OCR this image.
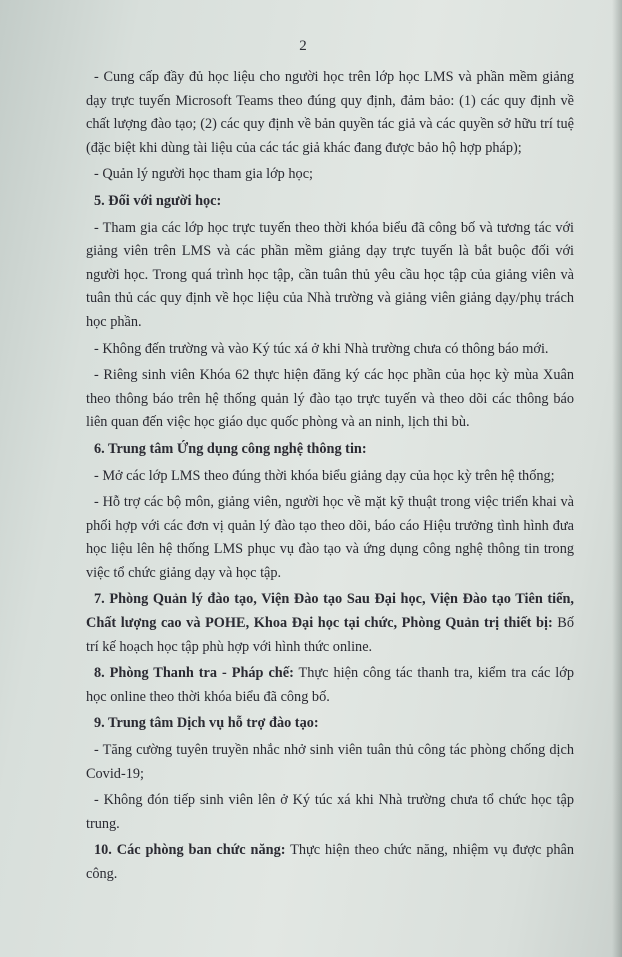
2

- Cung cấp đầy đủ học liệu cho người học trên lớp học LMS và phần mềm giảng dạy trực tuyến Microsoft Teams theo đúng quy định, đảm bảo: (1) các quy định về chất lượng đào tạo; (2) các quy định về bản quyền tác giả và các quyền sở hữu trí tuệ (đặc biệt khi dùng tài liệu của các tác giả khác đang được bảo hộ hợp pháp);

- Quản lý người học tham gia lớp học;

5. Đối với người học:

- Tham gia các lớp học trực tuyến theo thời khóa biểu đã công bố và tương tác với giảng viên trên LMS và các phần mềm giảng dạy trực tuyến là bắt buộc đối với người học. Trong quá trình học tập, cần tuân thủ yêu cầu học tập của giảng viên và tuân thủ các quy định về học liệu của Nhà trường và giảng viên giảng dạy/phụ trách học phần.

- Không đến trường và vào Ký túc xá ở khi Nhà trường chưa có thông báo mới.

- Riêng sinh viên Khóa 62 thực hiện đăng ký các học phần của học kỳ mùa Xuân theo thông báo trên hệ thống quản lý đào tạo trực tuyến và theo dõi các thông báo liên quan đến việc học giáo dục quốc phòng và an ninh, lịch thi bù.

6. Trung tâm Ứng dụng công nghệ thông tin:

- Mở các lớp LMS theo đúng thời khóa biểu giảng dạy của học kỳ trên hệ thống;

- Hỗ trợ các bộ môn, giảng viên, người học về mặt kỹ thuật trong việc triển khai và phối hợp với các đơn vị quản lý đào tạo theo dõi, báo cáo Hiệu trưởng tình hình đưa học liệu lên hệ thống LMS phục vụ đào tạo và ứng dụng công nghệ thông tin trong việc tổ chức giảng dạy và học tập.

7. Phòng Quản lý đào tạo, Viện Đào tạo Sau Đại học, Viện Đào tạo Tiên tiến, Chất lượng cao và POHE, Khoa Đại học tại chức, Phòng Quản trị thiết bị: Bố trí kế hoạch học tập phù hợp với hình thức online.

8. Phòng Thanh tra - Pháp chế: Thực hiện công tác thanh tra, kiểm tra các lớp học online theo thời khóa biểu đã công bố.

9. Trung tâm Dịch vụ hỗ trợ đào tạo:

- Tăng cường tuyên truyền nhắc nhở sinh viên tuân thủ công tác phòng chống dịch Covid-19;

- Không đón tiếp sinh viên lên ở Ký túc xá khi Nhà trường chưa tổ chức học tập trung.

10. Các phòng ban chức năng: Thực hiện theo chức năng, nhiệm vụ được phân công.
